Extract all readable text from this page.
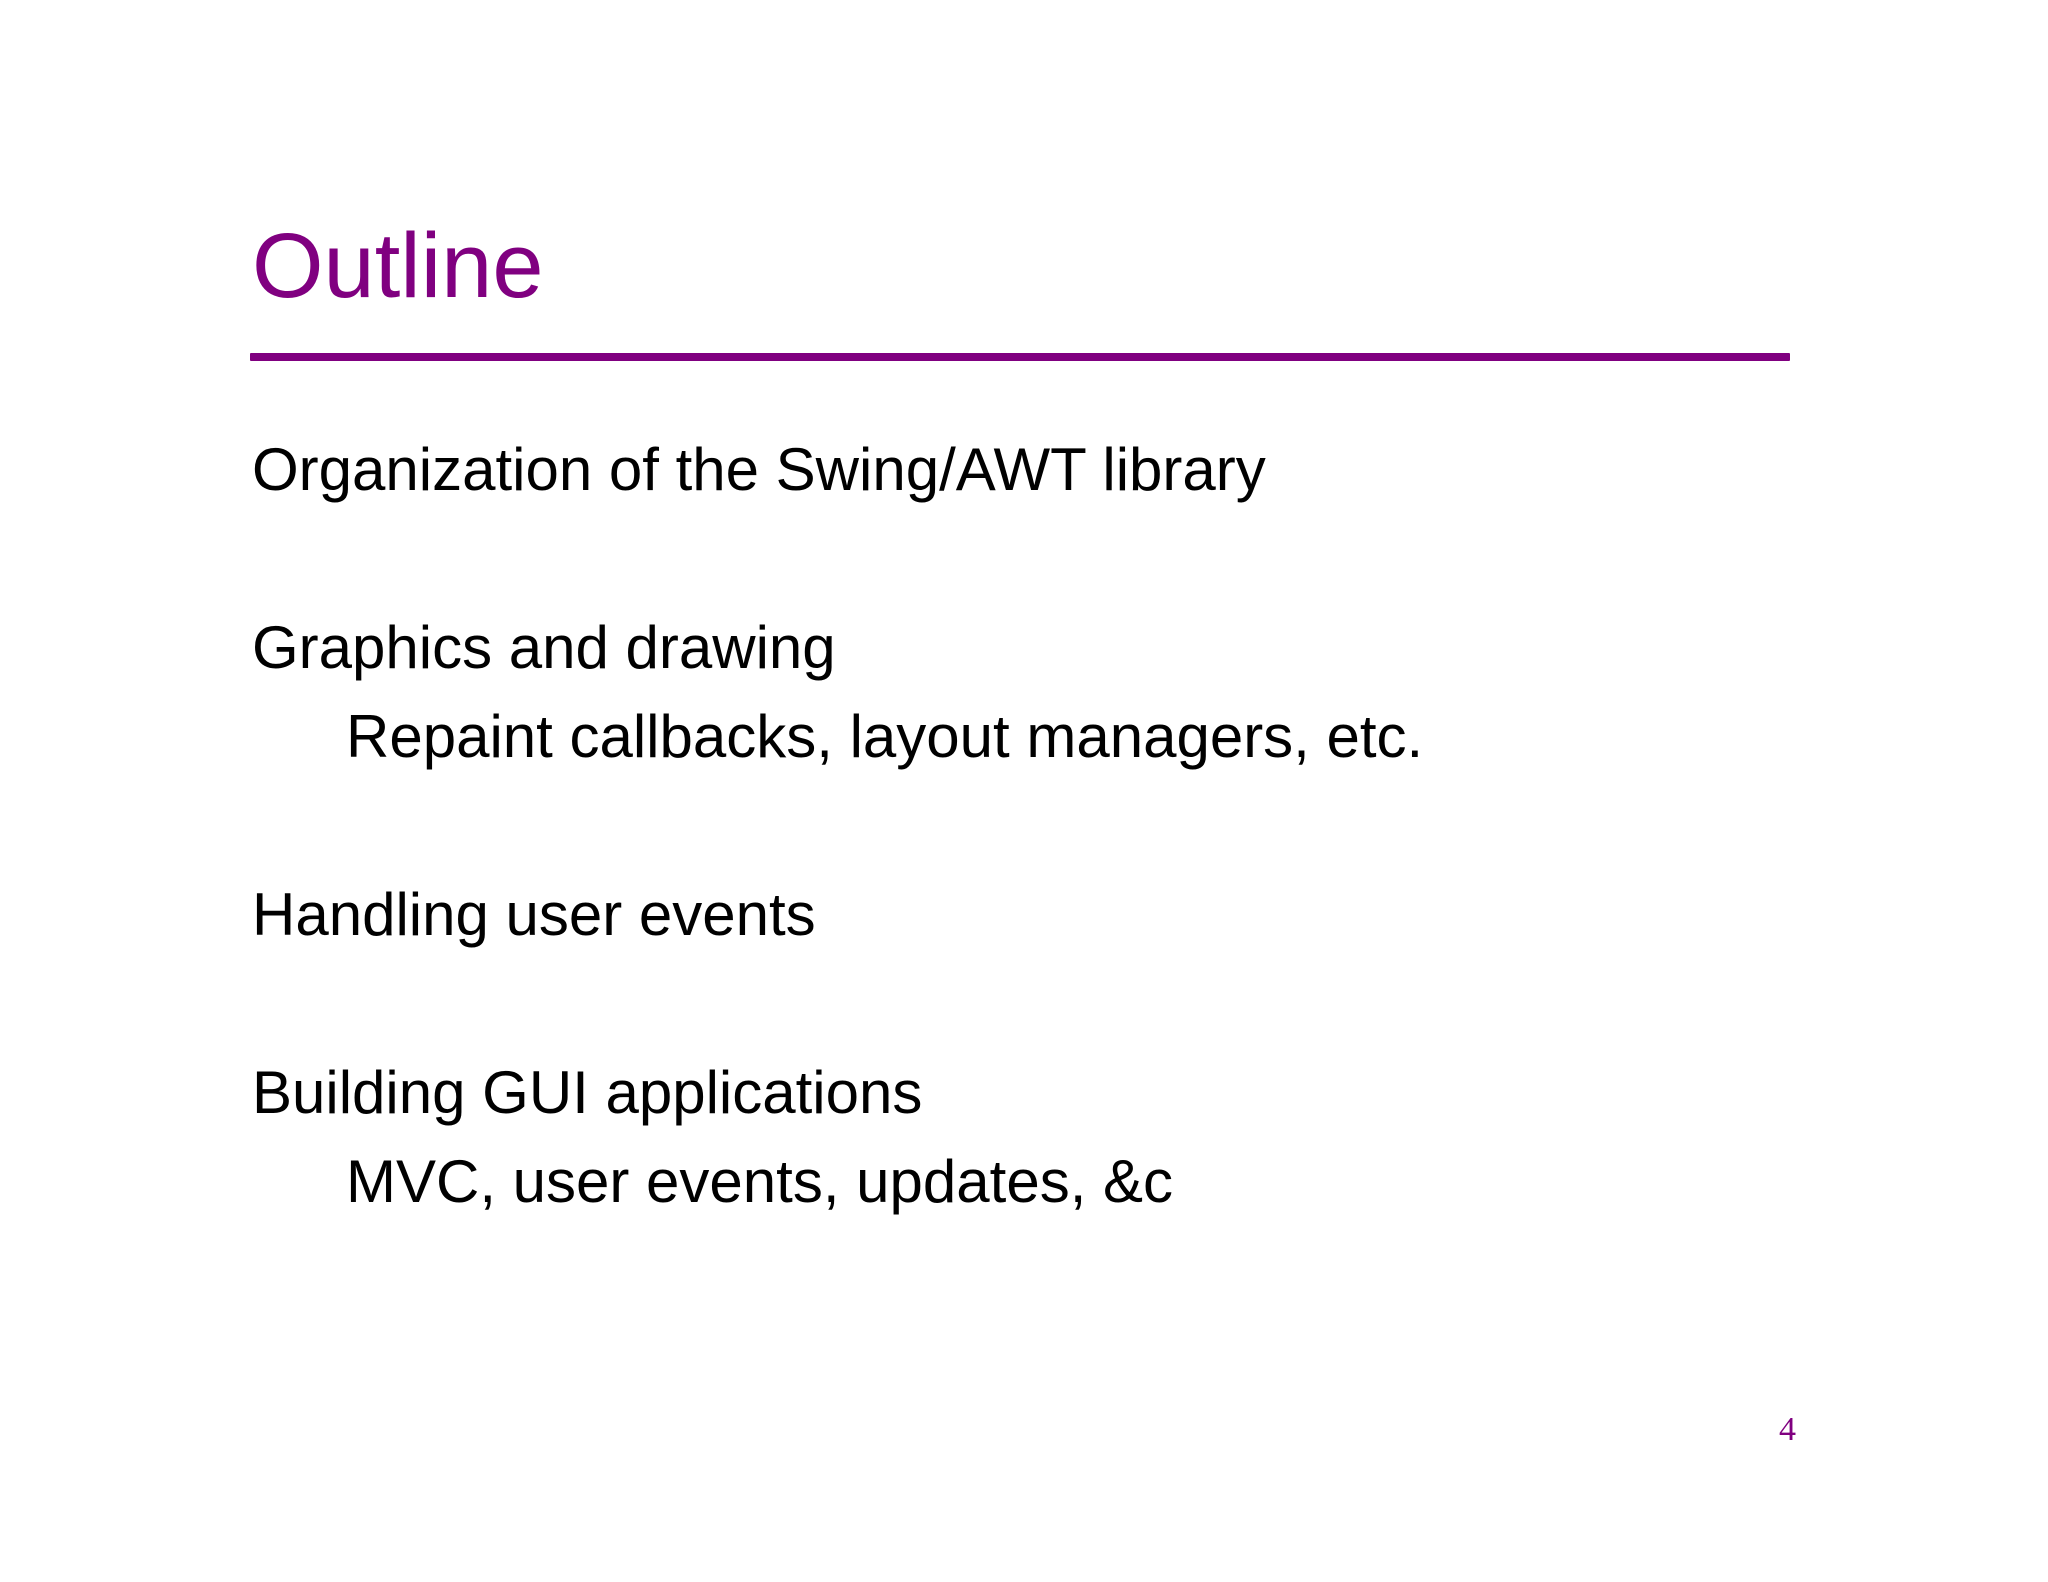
Outline

Organization of the Swing/AWT library

Graphics and drawing

Repaint callbacks, layout managers, etc.

Handling user events

Building GUI applications

MVC, user events, updates, &c

4
